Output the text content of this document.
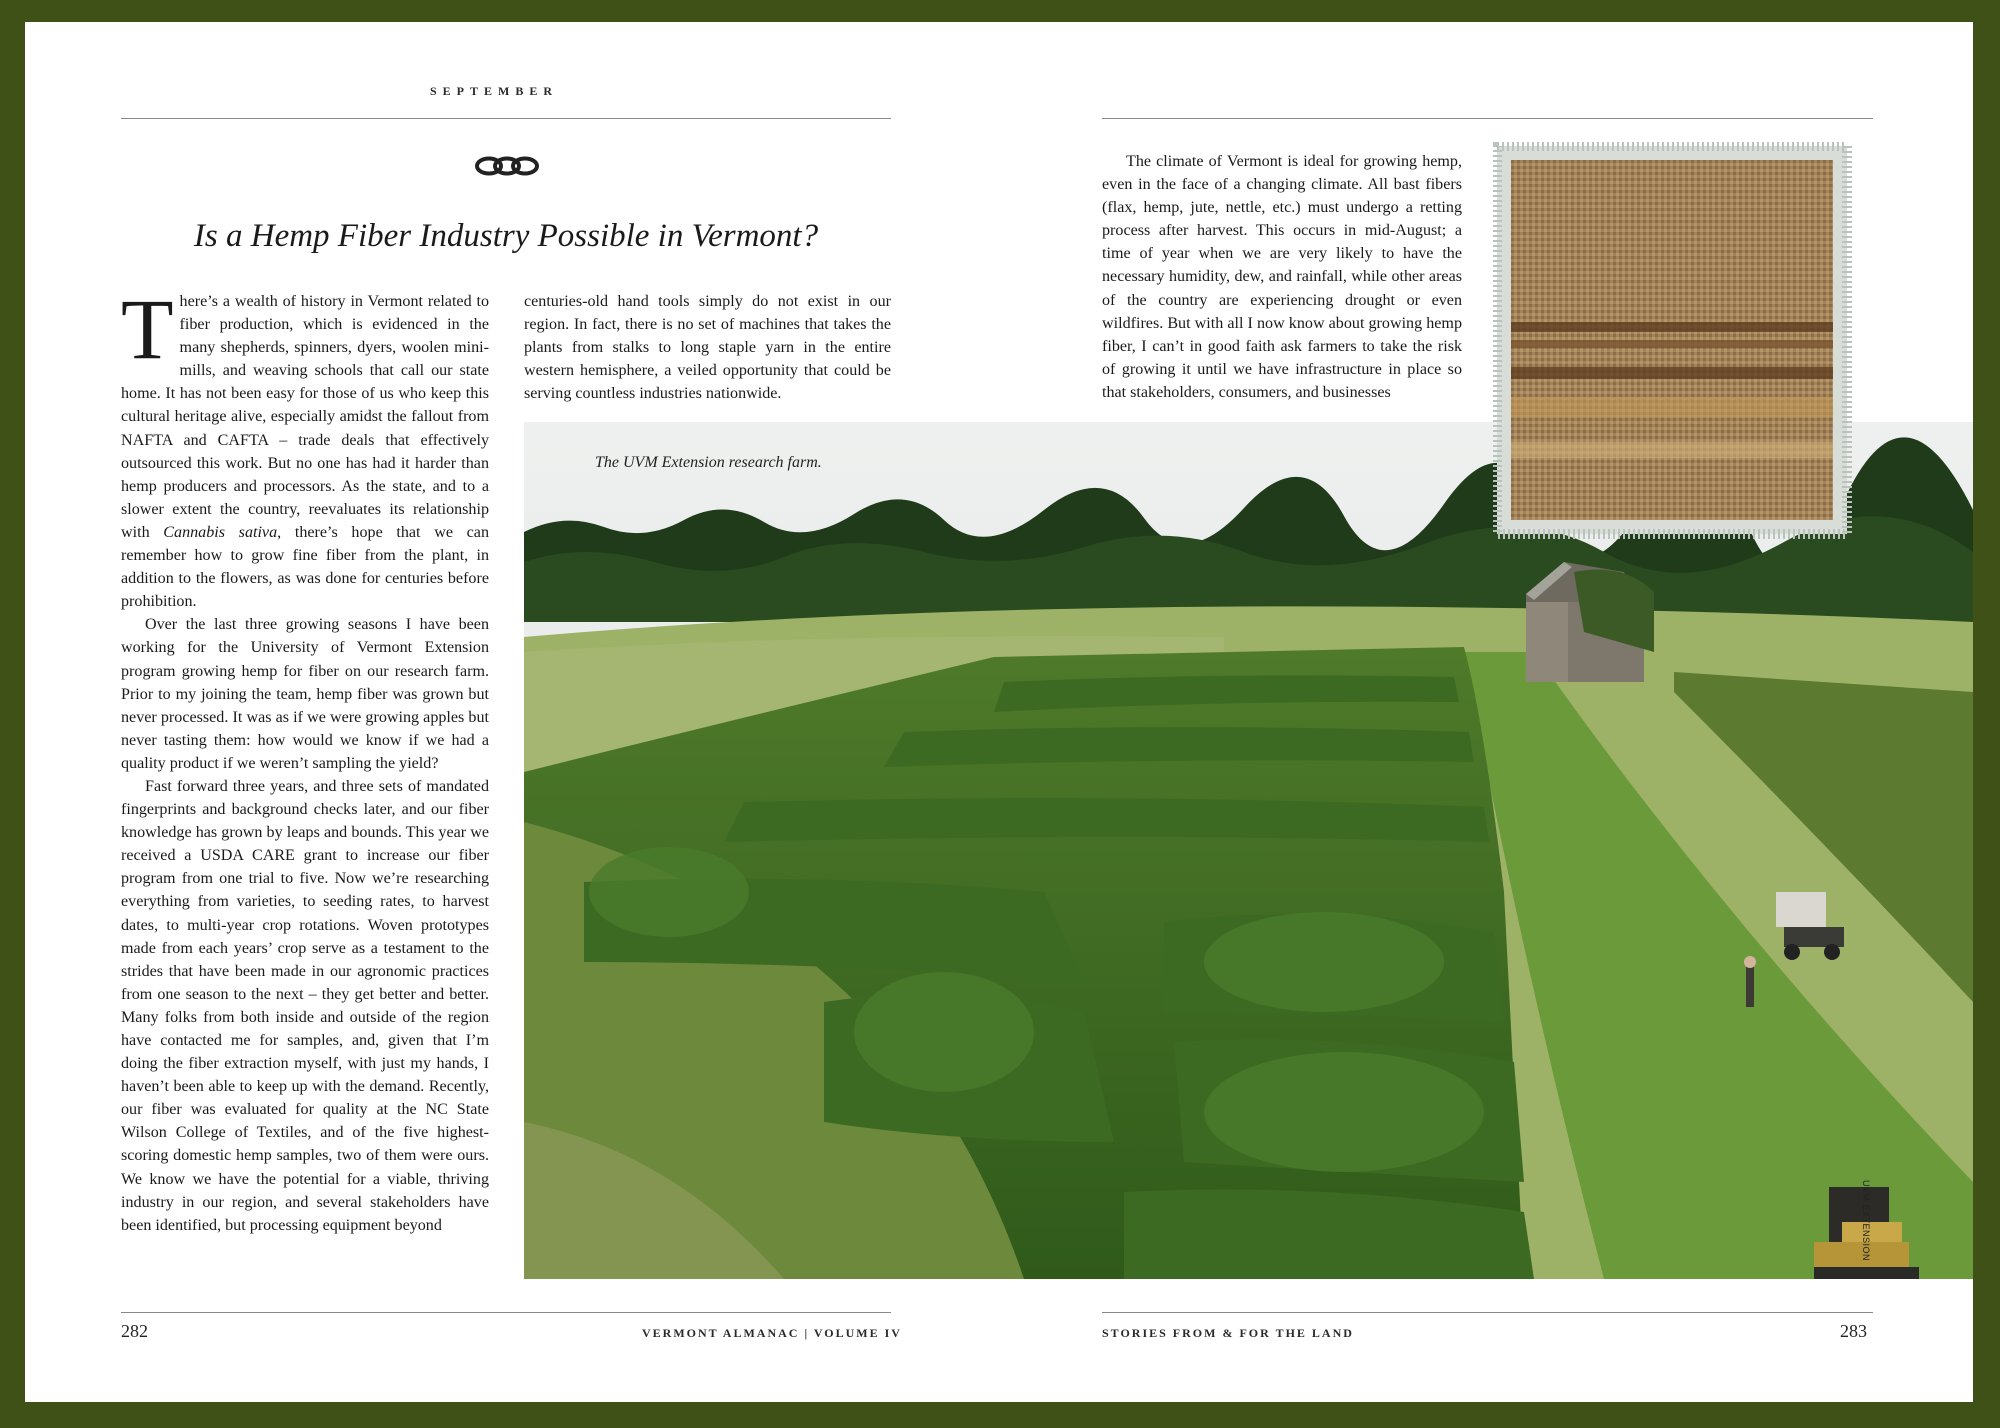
SEPTEMBER
Is a Hemp Fiber Industry Possible in Vermont?

There’s a wealth of history in Vermont related to fiber production, which is evidenced in the many shepherds, spinners, dyers, woolen mini-mills, and weaving schools that call our state home. It has not been easy for those of us who keep this cultural heritage alive, especially amidst the fallout from NAFTA and CAFTA – trade deals that effectively outsourced this work. But no one has had it harder than hemp producers and processors. As the state, and to a slower extent the country, reevaluates its relationship with Cannabis sativa, there’s hope that we can remember how to grow fine fiber from the plant, in addition to the flowers, as was done for centuries before prohibition.

Over the last three growing seasons I have been working for the University of Vermont Extension program growing hemp for fiber on our research farm. Prior to my joining the team, hemp fiber was grown but never processed. It was as if we were growing apples but never tasting them: how would we know if we had a quality product if we weren’t sampling the yield?

Fast forward three years, and three sets of mandated fingerprints and background checks later, and our fiber knowledge has grown by leaps and bounds. This year we received a USDA CARE grant to increase our fiber program from one trial to five. Now we’re researching everything from varieties, to seeding rates, to harvest dates, to multi-year crop rotations. Woven prototypes made from each years’ crop serve as a testament to the strides that have been made in our agronomic practices from one season to the next – they get better and better. Many folks from both inside and outside of the region have contacted me for samples, and, given that I’m doing the fiber extraction myself, with just my hands, I haven’t been able to keep up with the demand. Recently, our fiber was evaluated for quality at the NC State Wilson College of Textiles, and of the five highest-scoring domestic hemp samples, two of them were ours. We know we have the potential for a viable, thriving industry in our region, and several stakeholders have been identified, but processing equipment beyond

centuries-old hand tools simply do not exist in our region. In fact, there is no set of machines that takes the plants from stalks to long staple yarn in the entire western hemisphere, a veiled opportunity that could be serving countless industries nationwide.

The climate of Vermont is ideal for growing hemp, even in the face of a changing climate. All bast fibers (flax, hemp, jute, nettle, etc.) must undergo a retting process after harvest. This occurs in mid-August; a time of year when we are very likely to have the necessary humidity, dew, and rainfall, while other areas of the country are experiencing drought or even wildfires. But with all I now know about growing hemp fiber, I can’t in good faith ask farmers to take the risk of growing it until we have infrastructure in place so that stakeholders, consumers, and businesses

The UVM Extension research farm.
UVM EXTENSION
282	VERMONT ALMANAC | VOLUME IV	STORIES FROM & FOR THE LAND	283
